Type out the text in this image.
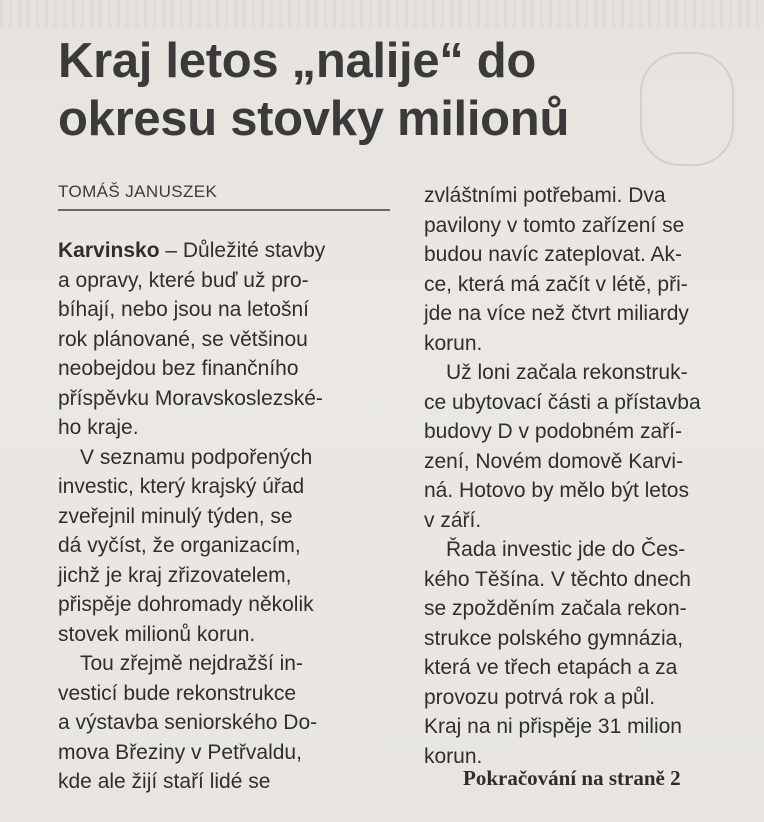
Kraj letos „nalije“ do
okresu stovky milionů
TOMÁŠ JANUSZEK
Karvinsko – Důležité stavby
a opravy, které buď už pro-
bíhají, nebo jsou na letošní
rok plánované, se většinou
neobejdou bez finančního
příspěvku Moravskoslezské-
ho kraje.
V seznamu podpořených
investic, který krajský úřad
zveřejnil minulý týden, se
dá vyčíst, že organizacím,
jichž je kraj zřizovatelem,
přispěje dohromady několik
stovek milionů korun.
Tou zřejmě nejdražší in-
vesticí bude rekonstrukce
a výstavba seniorského Do-
mova Březiny v Petřvaldu,
kde ale žijí staří lidé se
zvláštními potřebami. Dva
pavilony v tomto zařízení se
budou navíc zateplovat. Ak-
ce, která má začít v létě, při-
jde na více než čtvrt miliardy
korun.
Už loni začala rekonstruk-
ce ubytovací části a přístavba
budovy D v podobném zaří-
zení, Novém domově Karvi-
ná. Hotovo by mělo být letos
v září.
Řada investic jde do Čes-
kého Těšína. V těchto dnech
se zpožděním začala rekon-
strukce polského gymnázia,
která ve třech etapách a za
provozu potrvá rok a půl.
Kraj na ni přispěje 31 milion
korun.
Pokračování na straně 2
